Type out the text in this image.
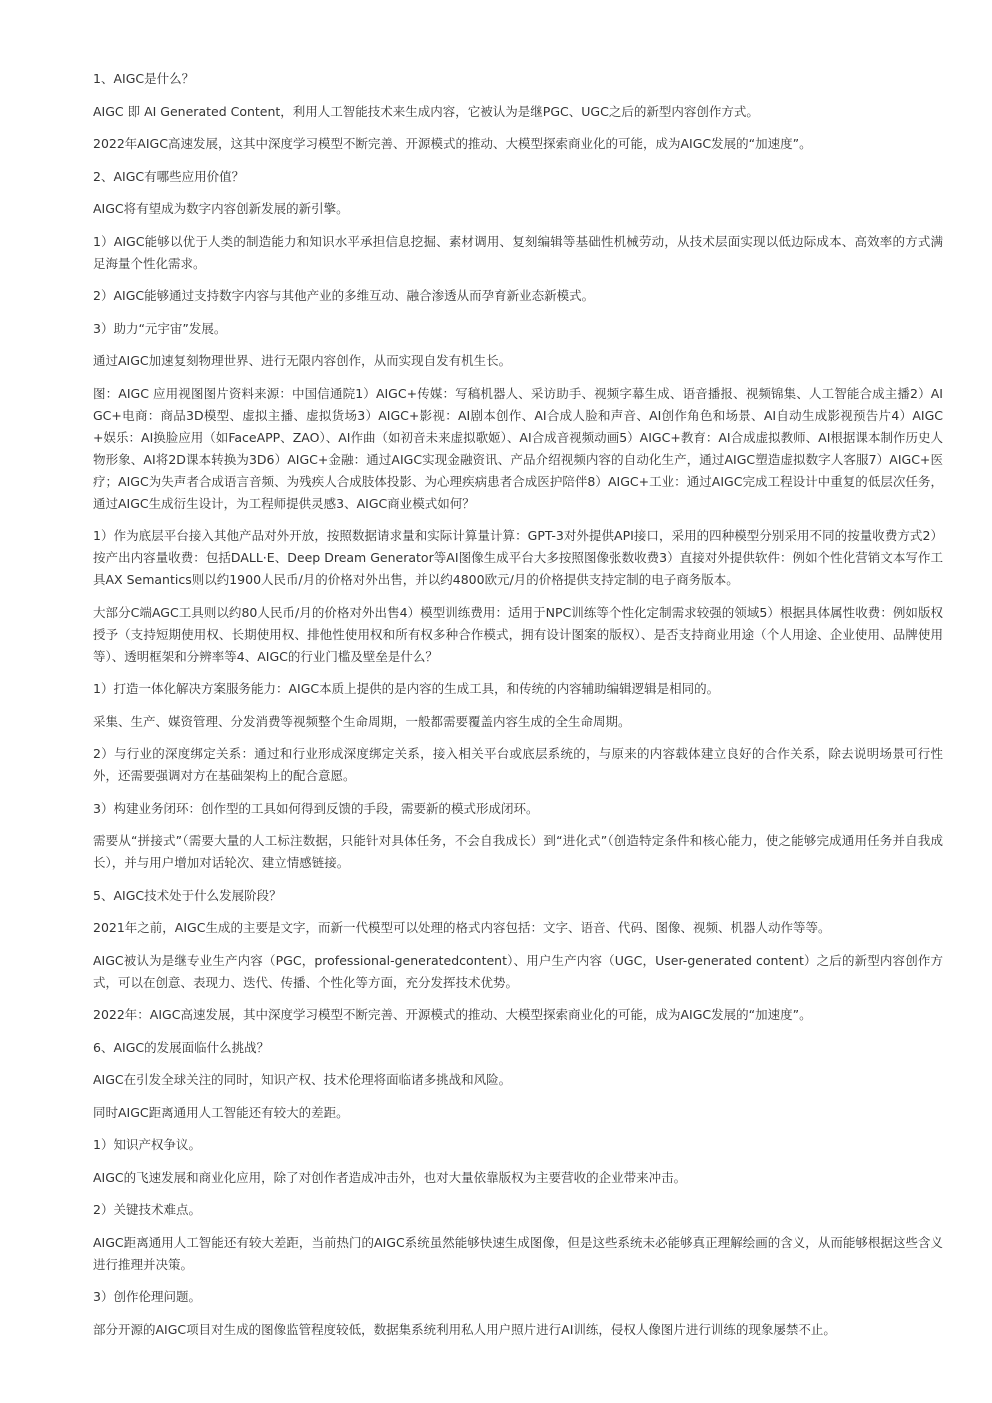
1、AIGC是什么？

AIGC 即 AI Generated Content，利用人工智能技术来生成内容，它被认为是继PGC、UGC之后的新型内容创作方式。

2022年AIGC高速发展，这其中深度学习模型不断完善、开源模式的推动、大模型探索商业化的可能，成为AIGC发展的“加速度”。

2、AIGC有哪些应用价值？

AIGC将有望成为数字内容创新发展的新引擎。

1）AIGC能够以优于人类的制造能力和知识水平承担信息挖掘、素材调用、复刻编辑等基础性机械劳动，从技术层面实现以低边际成本、高效率的方式满足海量个性化需求。

2）AIGC能够通过支持数字内容与其他产业的多维互动、融合渗透从而孕育新业态新模式。

3）助力“元宇宙”发展。

通过AIGC加速复刻物理世界、进行无限内容创作，从而实现自发有机生长。

图：AIGC 应用视图图片资料来源：中国信通院1）AIGC+传媒：写稿机器人、采访助手、视频字幕生成、语音播报、视频锦集、人工智能合成主播2）AIGC+电商：商品3D模型、虚拟主播、虚拟货场3）AIGC+影视：AI剧本创作、AI合成人脸和声音、AI创作角色和场景、AI自动生成影视预告片4）AIGC+娱乐：AI换脸应用（如FaceAPP、ZAO）、AI作曲（如初音未来虚拟歌姬）、AI合成音视频动画5）AIGC+教育：AI合成虚拟教师、AI根据课本制作历史人物形象、AI将2D课本转换为3D6）AIGC+金融：通过AIGC实现金融资讯、产品介绍视频内容的自动化生产，通过AIGC塑造虚拟数字人客服7）AIGC+医疗；AIGC为失声者合成语言音频、为残疾人合成肢体投影、为心理疾病患者合成医护陪伴8）AIGC+工业：通过AIGC完成工程设计中重复的低层次任务，通过AIGC生成衍生设计，为工程师提供灵感3、AIGC商业模式如何？

1）作为底层平台接入其他产品对外开放，按照数据请求量和实际计算量计算：GPT-3对外提供API接口，采用的四种模型分别采用不同的按量收费方式2）按产出内容量收费：包括DALL·E、Deep Dream Generator等AI图像生成平台大多按照图像张数收费3）直接对外提供软件：例如个性化营销文本写作工具AX Semantics则以约1900人民币/月的价格对外出售，并以约4800欧元/月的价格提供支持定制的电子商务版本。

大部分C端AGC工具则以约80人民币/月的价格对外出售4）模型训练费用：适用于NPC训练等个性化定制需求较强的领域5）根据具体属性收费：例如版权授予（支持短期使用权、长期使用权、排他性使用权和所有权多种合作模式，拥有设计图案的版权）、是否支持商业用途（个人用途、企业使用、品牌使用等）、透明框架和分辨率等4、AIGC的行业门槛及壁垒是什么？

1）打造一体化解决方案服务能力：AIGC本质上提供的是内容的生成工具，和传统的内容辅助编辑逻辑是相同的。

采集、生产、媒资管理、分发消费等视频整个生命周期，一般都需要覆盖内容生成的全生命周期。

2）与行业的深度绑定关系：通过和行业形成深度绑定关系，接入相关平台或底层系统的，与原来的内容载体建立良好的合作关系，除去说明场景可行性外，还需要强调对方在基础架构上的配合意愿。

3）构建业务闭环：创作型的工具如何得到反馈的手段，需要新的模式形成闭环。

需要从“拼接式”（需要大量的人工标注数据，只能针对具体任务，不会自我成长）到“进化式”（创造特定条件和核心能力，使之能够完成通用任务并自我成长），并与用户增加对话轮次、建立情感链接。

5、AIGC技术处于什么发展阶段？

2021年之前，AIGC生成的主要是文字，而新一代模型可以处理的格式内容包括：文字、语音、代码、图像、视频、机器人动作等等。

AIGC被认为是继专业生产内容（PGC，professional-generatedcontent）、用户生产内容（UGC，User-generated content）之后的新型内容创作方式，可以在创意、表现力、迭代、传播、个性化等方面，充分发挥技术优势。

2022年：AIGC高速发展，其中深度学习模型不断完善、开源模式的推动、大模型探索商业化的可能，成为AIGC发展的“加速度”。

6、AIGC的发展面临什么挑战？

AIGC在引发全球关注的同时，知识产权、技术伦理将面临诸多挑战和风险。

同时AIGC距离通用人工智能还有较大的差距。

1）知识产权争议。

AIGC的飞速发展和商业化应用，除了对创作者造成冲击外，也对大量依靠版权为主要营收的企业带来冲击。

2）关键技术难点。

AIGC距离通用人工智能还有较大差距，当前热门的AIGC系统虽然能够快速生成图像，但是这些系统未必能够真正理解绘画的含义，从而能够根据这些含义进行推理并决策。

3）创作伦理问题。

部分开源的AIGC项目对生成的图像监管程度较低，数据集系统利用私人用户照片进行AI训练，侵权人像图片进行训练的现象屡禁不止。
